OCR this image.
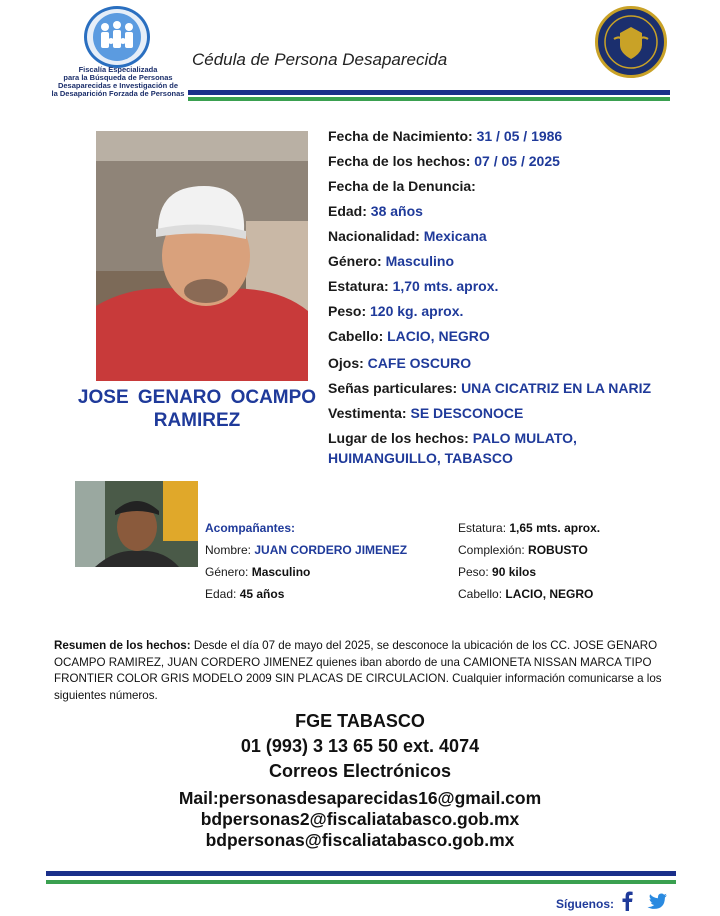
Fiscalía Especializada
para la Búsqueda de Personas
Desaparecidas e Investigación de
la Desaparición Forzada de Personas
Cédula de Persona Desaparecida
JOSE GENARO OCAMPO
RAMIREZ
Fecha de Nacimiento: 31 / 05 / 1986
Fecha de los hechos: 07 / 05 / 2025
Fecha de la Denuncia:
Edad: 38 años
Nacionalidad: Mexicana
Género: Masculino
Estatura: 1,70 mts. aprox.
Peso: 120 kg. aprox.
Cabello: LACIO, NEGRO
Ojos: CAFE OSCURO
Señas particulares: UNA CICATRIZ EN LA NARIZ
Vestimenta: SE DESCONOCE
Lugar de los hechos: PALO MULATO,
HUIMANGUILLO, TABASCO
Acompañantes:
Nombre: JUAN CORDERO JIMENEZ
Género: Masculino
Edad: 45 años
Estatura: 1,65 mts. aprox.
Complexión: ROBUSTO
Peso: 90 kilos
Cabello: LACIO, NEGRO
Resumen de los hechos: Desde el día 07 de mayo del 2025, se desconoce la ubicación de los CC. JOSE GENARO OCAMPO RAMIREZ, JUAN CORDERO JIMENEZ quienes iban abordo de una CAMIONETA NISSAN MARCA TIPO FRONTIER COLOR GRIS MODELO 2009 SIN PLACAS DE CIRCULACION. Cualquier información comunicarse a los siguientes números.
FGE TABASCO
01 (993) 3 13 65 50 ext. 4074
Correos Electrónicos
Mail:personasdesaparecidas16@gmail.com
bdpersonas2@fiscaliatabasco.gob.mx
bdpersonas@fiscaliatabasco.gob.mx
Síguenos:
